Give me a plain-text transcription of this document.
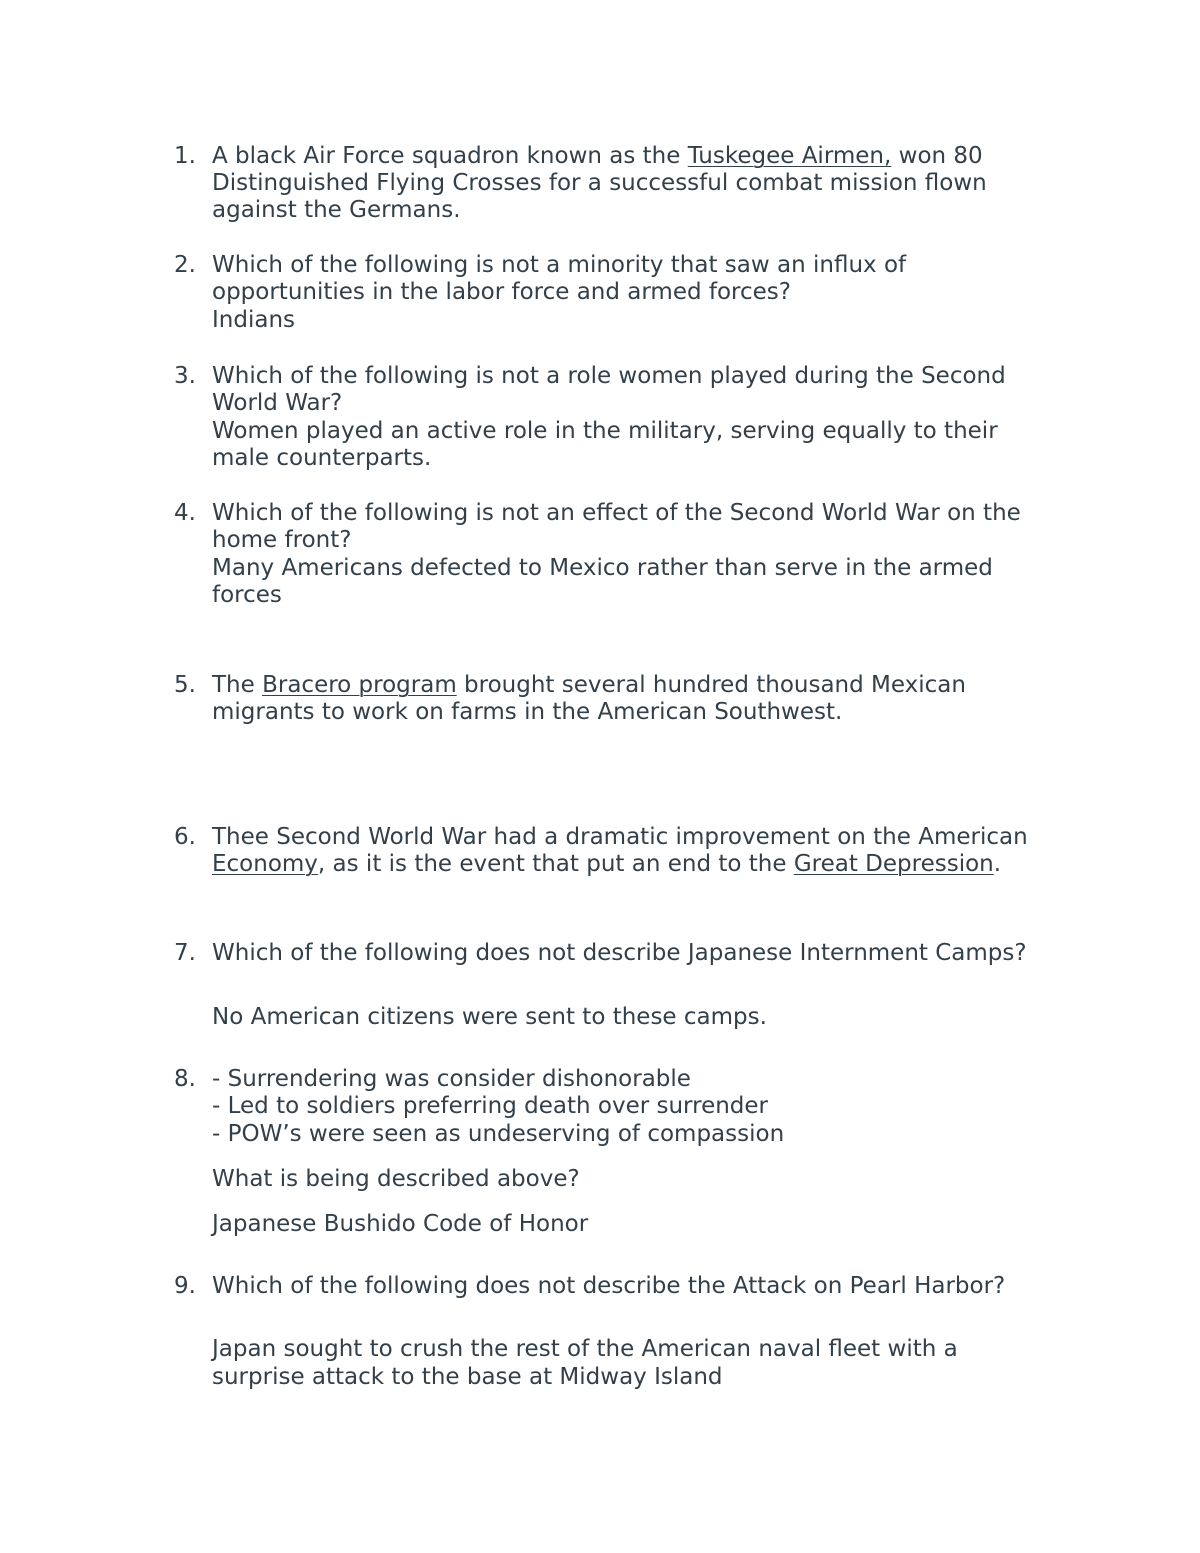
1. A black Air Force squadron known as the Tuskegee Airmen, won 80
Distinguished Flying Crosses for a successful combat mission flown
against the Germans.
2. Which of the following is not a minority that saw an influx of
opportunities in the labor force and armed forces?
Indians
3. Which of the following is not a role women played during the Second
World War?
Women played an active role in the military, serving equally to their
male counterparts.
4. Which of the following is not an effect of the Second World War on the
home front?
Many Americans defected to Mexico rather than serve in the armed
forces
5. The Bracero program brought several hundred thousand Mexican
migrants to work on farms in the American Southwest.
6. Thee Second World War had a dramatic improvement on the American
Economy, as it is the event that put an end to the Great Depression.
7. Which of the following does not describe Japanese Internment Camps?
No American citizens were sent to these camps.
8. - Surrendering was consider dishonorable
- Led to soldiers preferring death over surrender
- POW’s were seen as undeserving of compassion
What is being described above?
Japanese Bushido Code of Honor
9. Which of the following does not describe the Attack on Pearl Harbor?
Japan sought to crush the rest of the American naval fleet with a
surprise attack to the base at Midway Island
